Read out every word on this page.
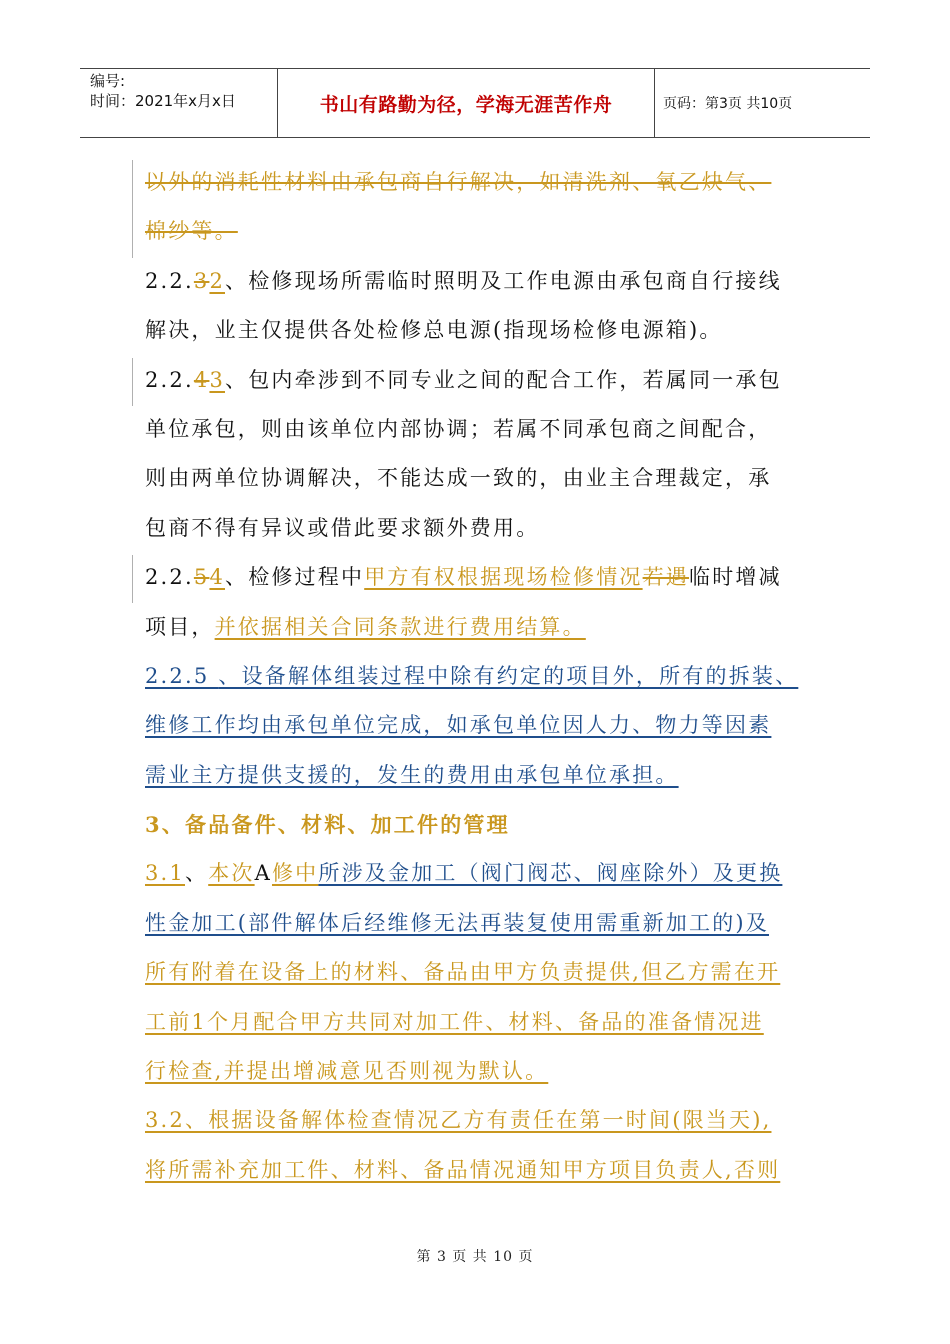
编号:
时间：2021年x月x日	书山有路勤为径，学海无涯苦作舟	页码：第3页 共10页
以外的消耗性材料由承包商自行解决，如清洗剂、氧乙炔气、
棉纱等。
2.2.32、检修现场所需临时照明及工作电源由承包商自行接线
解决，业主仅提供各处检修总电源(指现场检修电源箱)。
2.2.43、包内牵涉到不同专业之间的配合工作，若属同一承包
单位承包，则由该单位内部协调；若属不同承包商之间配合，
则由两单位协调解决，不能达成一致的，由业主合理裁定，承
包商不得有异议或借此要求额外费用。
2.2.54、检修过程中甲方有权根据现场检修情况若遇临时增减
项目，并依据相关合同条款进行费用结算。
2.2.5 、设备解体组装过程中除有约定的项目外，所有的拆装、
维修工作均由承包单位完成，如承包单位因人力、物力等因素
需业主方提供支援的，发生的费用由承包单位承担。
3、备品备件、材料、加工件的管理
3.1、本次A修中所涉及金加工（阀门阀芯、阀座除外）及更换
性金加工(部件解体后经维修无法再装复使用需重新加工的)及
所有附着在设备上的材料、备品由甲方负责提供,但乙方需在开
工前1个月配合甲方共同对加工件、材料、备品的准备情况进
行检查,并提出增减意见否则视为默认。
3.2、根据设备解体检查情况乙方有责任在第一时间(限当天),
将所需补充加工件、材料、备品情况通知甲方项目负责人,否则
第 3 页 共 10 页
